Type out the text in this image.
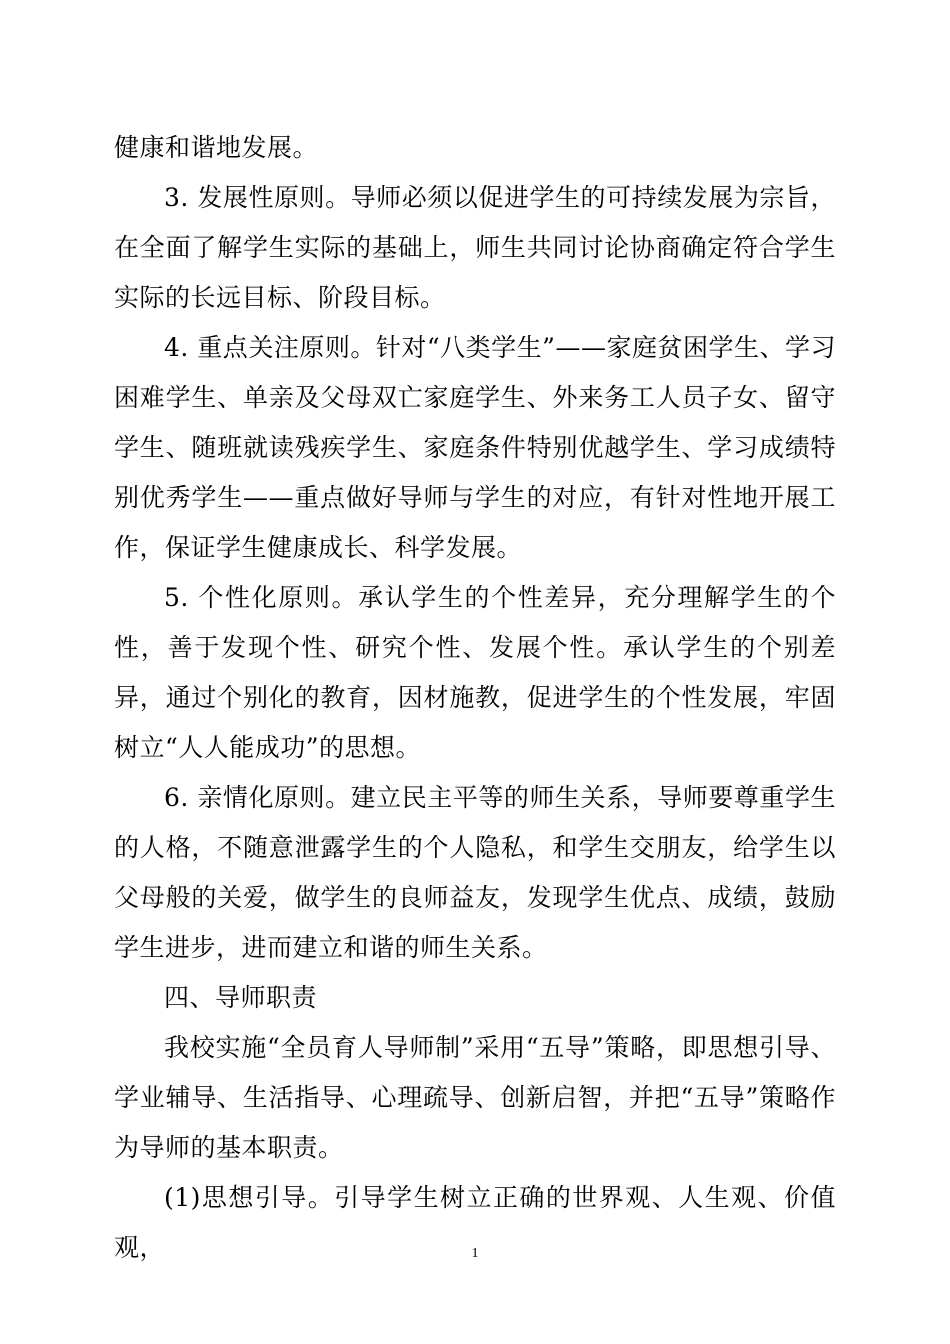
健康和谐地发展。

3. 发展性原则。导师必须以促进学生的可持续发展为宗旨，在全面了解学生实际的基础上，师生共同讨论协商确定符合学生实际的长远目标、阶段目标。

4. 重点关注原则。针对“八类学生”——家庭贫困学生、学习困难学生、单亲及父母双亡家庭学生、外来务工人员子女、留守学生、随班就读残疾学生、家庭条件特别优越学生、学习成绩特别优秀学生——重点做好导师与学生的对应，有针对性地开展工作，保证学生健康成长、科学发展。

5. 个性化原则。承认学生的个性差异，充分理解学生的个性，善于发现个性、研究个性、发展个性。承认学生的个别差异，通过个别化的教育，因材施教，促进学生的个性发展，牢固树立“人人能成功”的思想。

6. 亲情化原则。建立民主平等的师生关系，导师要尊重学生的人格，不随意泄露学生的个人隐私，和学生交朋友，给学生以父母般的关爱，做学生的良师益友，发现学生优点、成绩，鼓励学生进步，进而建立和谐的师生关系。

四、导师职责

我校实施“全员育人导师制”采用“五导”策略，即思想引导、学业辅导、生活指导、心理疏导、创新启智，并把“五导”策略作为导师的基本职责。

(1)思想引导。引导学生树立正确的世界观、人生观、价值观，	1
